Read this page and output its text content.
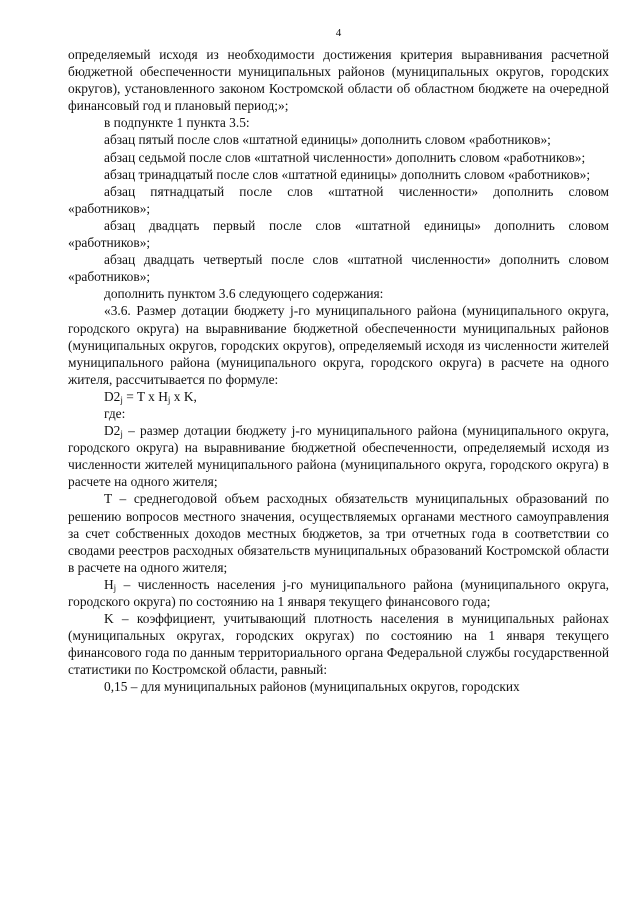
4

определяемый исходя из необходимости достижения критерия выравнивания расчетной бюджетной обеспеченности муниципальных районов (муниципальных округов, городских округов), установленного законом Костромской области об областном бюджете на очередной финансовый год и плановый период;»;

в подпункте 1 пункта 3.5:

абзац пятый после слов «штатной единицы» дополнить словом «работников»;

абзац седьмой после слов «штатной численности» дополнить словом «работников»;

абзац тринадцатый после слов «штатной единицы» дополнить словом «работников»;

абзац пятнадцатый после слов «штатной численности» дополнить словом «работников»;

абзац двадцать первый после слов «штатной единицы» дополнить словом «работников»;

абзац двадцать четвертый после слов «штатной численности» дополнить словом «работников»;

дополнить пунктом 3.6 следующего содержания:

«3.6. Размер дотации бюджету j-го муниципального района (муниципального округа, городского округа) на выравнивание бюджетной обеспеченности муниципальных районов (муниципальных округов, городских округов), определяемый исходя из численности жителей муниципального района (муниципального округа, городского округа) в расчете на одного жителя, рассчитывается по формуле:

$D2_j = T$ x $H_j$ x K,

где:

$D2_j$ – размер дотации бюджету j-го муниципального района (муниципального округа, городского округа) на выравнивание бюджетной обеспеченности, определяемый исходя из численности жителей муниципального района (муниципального округа, городского округа) в расчете на одного жителя;

T – среднегодовой объем расходных обязательств муниципальных образований по решению вопросов местного значения, осуществляемых органами местного самоуправления за счет собственных доходов местных бюджетов, за три отчетных года в соответствии со сводами реестров расходных обязательств муниципальных образований Костромской области в расчете на одного жителя;

$H_j$ – численность населения j-го муниципального района (муниципального округа, городского округа) по состоянию на 1 января текущего финансового года;

K – коэффициент, учитывающий плотность населения в муниципальных районах (муниципальных округах, городских округах) по состоянию на 1 января текущего финансового года по данным территориального органа Федеральной службы государственной статистики по Костромской области, равный:

0,15 – для муниципальных районов (муниципальных округов, городских
